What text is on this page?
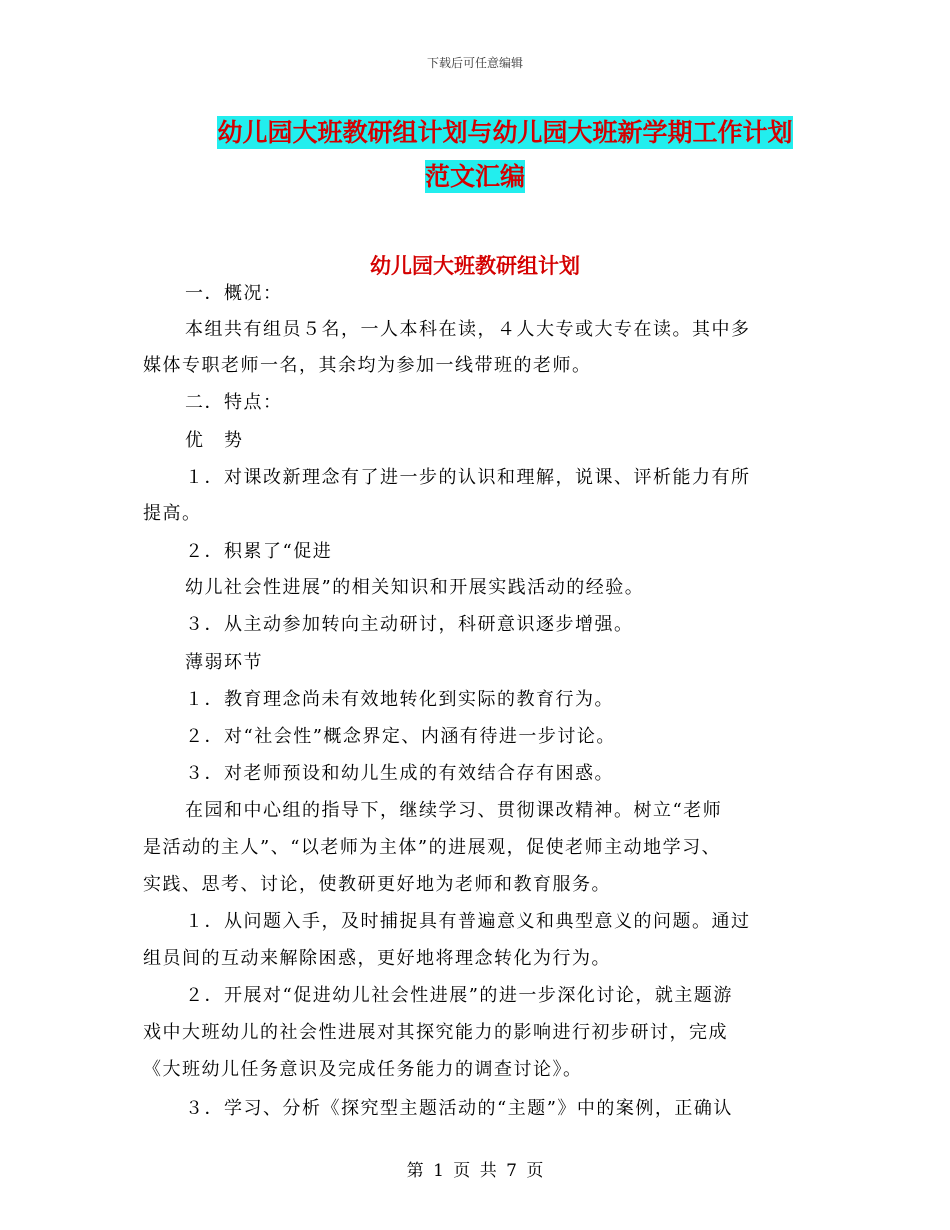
下载后可任意编辑
幼儿园大班教研组计划与幼儿园大班新学期工作计划
范文汇编
幼儿园大班教研组计划
一．概况：
本组共有组员５名，一人本科在读，４人大专或大专在读。其中多
媒体专职老师一名，其余均为参加一线带班的老师。
二．特点：
优　势
１．对课改新理念有了进一步的认识和理解，说课、评析能力有所
提高。
２．积累了“促进
幼儿社会性进展”的相关知识和开展实践活动的经验。
３．从主动参加转向主动研讨，科研意识逐步增强。
薄弱环节
１．教育理念尚未有效地转化到实际的教育行为。
２．对“社会性”概念界定、内涵有待进一步讨论。
３．对老师预设和幼儿生成的有效结合存有困惑。
在园和中心组的指导下，继续学习、贯彻课改精神。树立“老师
是活动的主人”、“以老师为主体”的进展观，促使老师主动地学习、
实践、思考、讨论，使教研更好地为老师和教育服务。
１．从问题入手，及时捕捉具有普遍意义和典型意义的问题。通过
组员间的互动来解除困惑，更好地将理念转化为行为。
２．开展对“促进幼儿社会性进展”的进一步深化讨论，就主题游
戏中大班幼儿的社会性进展对其探究能力的影响进行初步研讨，完成
《大班幼儿任务意识及完成任务能力的调查讨论》。
３．学习、分析《探究型主题活动的“主题”》中的案例，正确认
第 1 页 共 7 页
